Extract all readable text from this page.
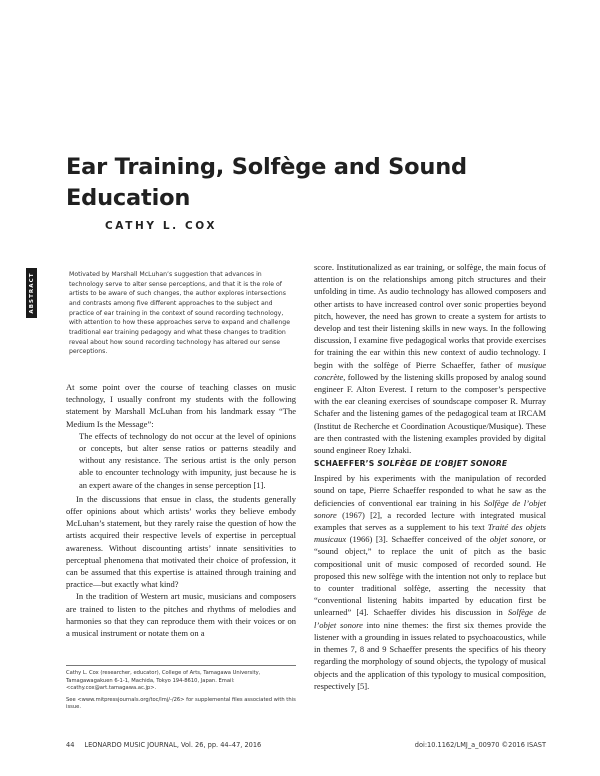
Ear Training, Solfège and Sound Education

CATHY L. COX

ABSTRACT	Motivated by Marshall McLuhan’s suggestion that advances in technology serve to alter sense perceptions, and that it is the role of artists to be aware of such changes, the author explores intersections and contrasts among five different approaches to the subject and practice of ear training in the context of sound recording technology, with attention to how these approaches serve to expand and challenge traditional ear training pedagogy and what these changes to tradition reveal about how sound recording technology has altered our sense perceptions.

At some point over the course of teaching classes on music technology, I usually confront my students with the following statement by Marshall McLuhan from his landmark essay “The Medium Is the Message”:

The effects of technology do not occur at the level of opinions or concepts, but alter sense ratios or patterns steadily and without any resistance. The serious artist is the only person able to encounter technology with impunity, just because he is an expert aware of the changes in sense perception [1].

In the discussions that ensue in class, the students generally offer opinions about which artists’ works they believe embody McLuhan’s statement, but they rarely raise the question of how the artists acquired their respective levels of expertise in perceptual awareness. Without discounting artists’ innate sensitivities to perceptual phenomena that motivated their choice of profession, it can be assumed that this expertise is attained through training and practice—but exactly what kind?

In the tradition of Western art music, musicians and composers are trained to listen to the pitches and rhythms of melodies and harmonies so that they can reproduce them with their voices or on a musical instrument or notate them on a

score. Institutionalized as ear training, or solfège, the main focus of attention is on the relationships among pitch structures and their unfolding in time. As audio technology has allowed composers and other artists to have increased control over sonic properties beyond pitch, however, the need has grown to create a system for artists to develop and test their listening skills in new ways. In the following discussion, I examine five pedagogical works that provide exercises for training the ear within this new context of audio technology. I begin with the solfège of Pierre Schaeffer, father of musique concrète, followed by the listening skills proposed by analog sound engineer F. Alton Everest. I return to the composer’s perspective with the ear cleaning exercises of soundscape composer R. Murray Schafer and the listening games of the pedagogical team at IRCAM (Institut de Recherche et Coordination Acoustique/Musique). These are then contrasted with the listening examples provided by digital sound engineer Roey Izhaki.

SCHAEFFER’S SOLFÈGE DE L’OBJET SONORE

Inspired by his experiments with the manipulation of recorded sound on tape, Pierre Schaeffer responded to what he saw as the deficiencies of conventional ear training in his Solfège de l’objet sonore (1967) [2], a recorded lecture with integrated musical examples that serves as a supplement to his text Traité des objets musicaux (1966) [3]. Schaeffer conceived of the objet sonore, or “sound object,” to replace the unit of pitch as the basic compositional unit of music composed of recorded sound. He proposed this new solfège with the intention not only to replace but to counter traditional solfège, asserting the necessity that “conventional listening habits imparted by education first be unlearned” [4]. Schaeffer divides his discussion in Solfège de l’objet sonore into nine themes: the first six themes provide the listener with a grounding in issues related to psychoacoustics, while in themes 7, 8 and 9 Schaeffer presents the specifics of his theory regarding the morphology of sound objects, the typology of musical objects and the application of this typology to musical composition, respectively [5].

Cathy L. Cox (researcher, educator), College of Arts, Tamagawa University, Tamagawagakuen 6-1-1, Machida, Tokyo 194-8610, Japan. Email: <cathy.cox@art.tamagawa.ac.jp>.

See <www.mitpressjournals.org/toc/lmj/-/26> for supplemental files associated with this issue.

44 LEONARDO MUSIC JOURNAL, Vol. 26, pp. 44–47, 2016	doi:10.1162/LMJ_a_00970 ©2016 ISAST
